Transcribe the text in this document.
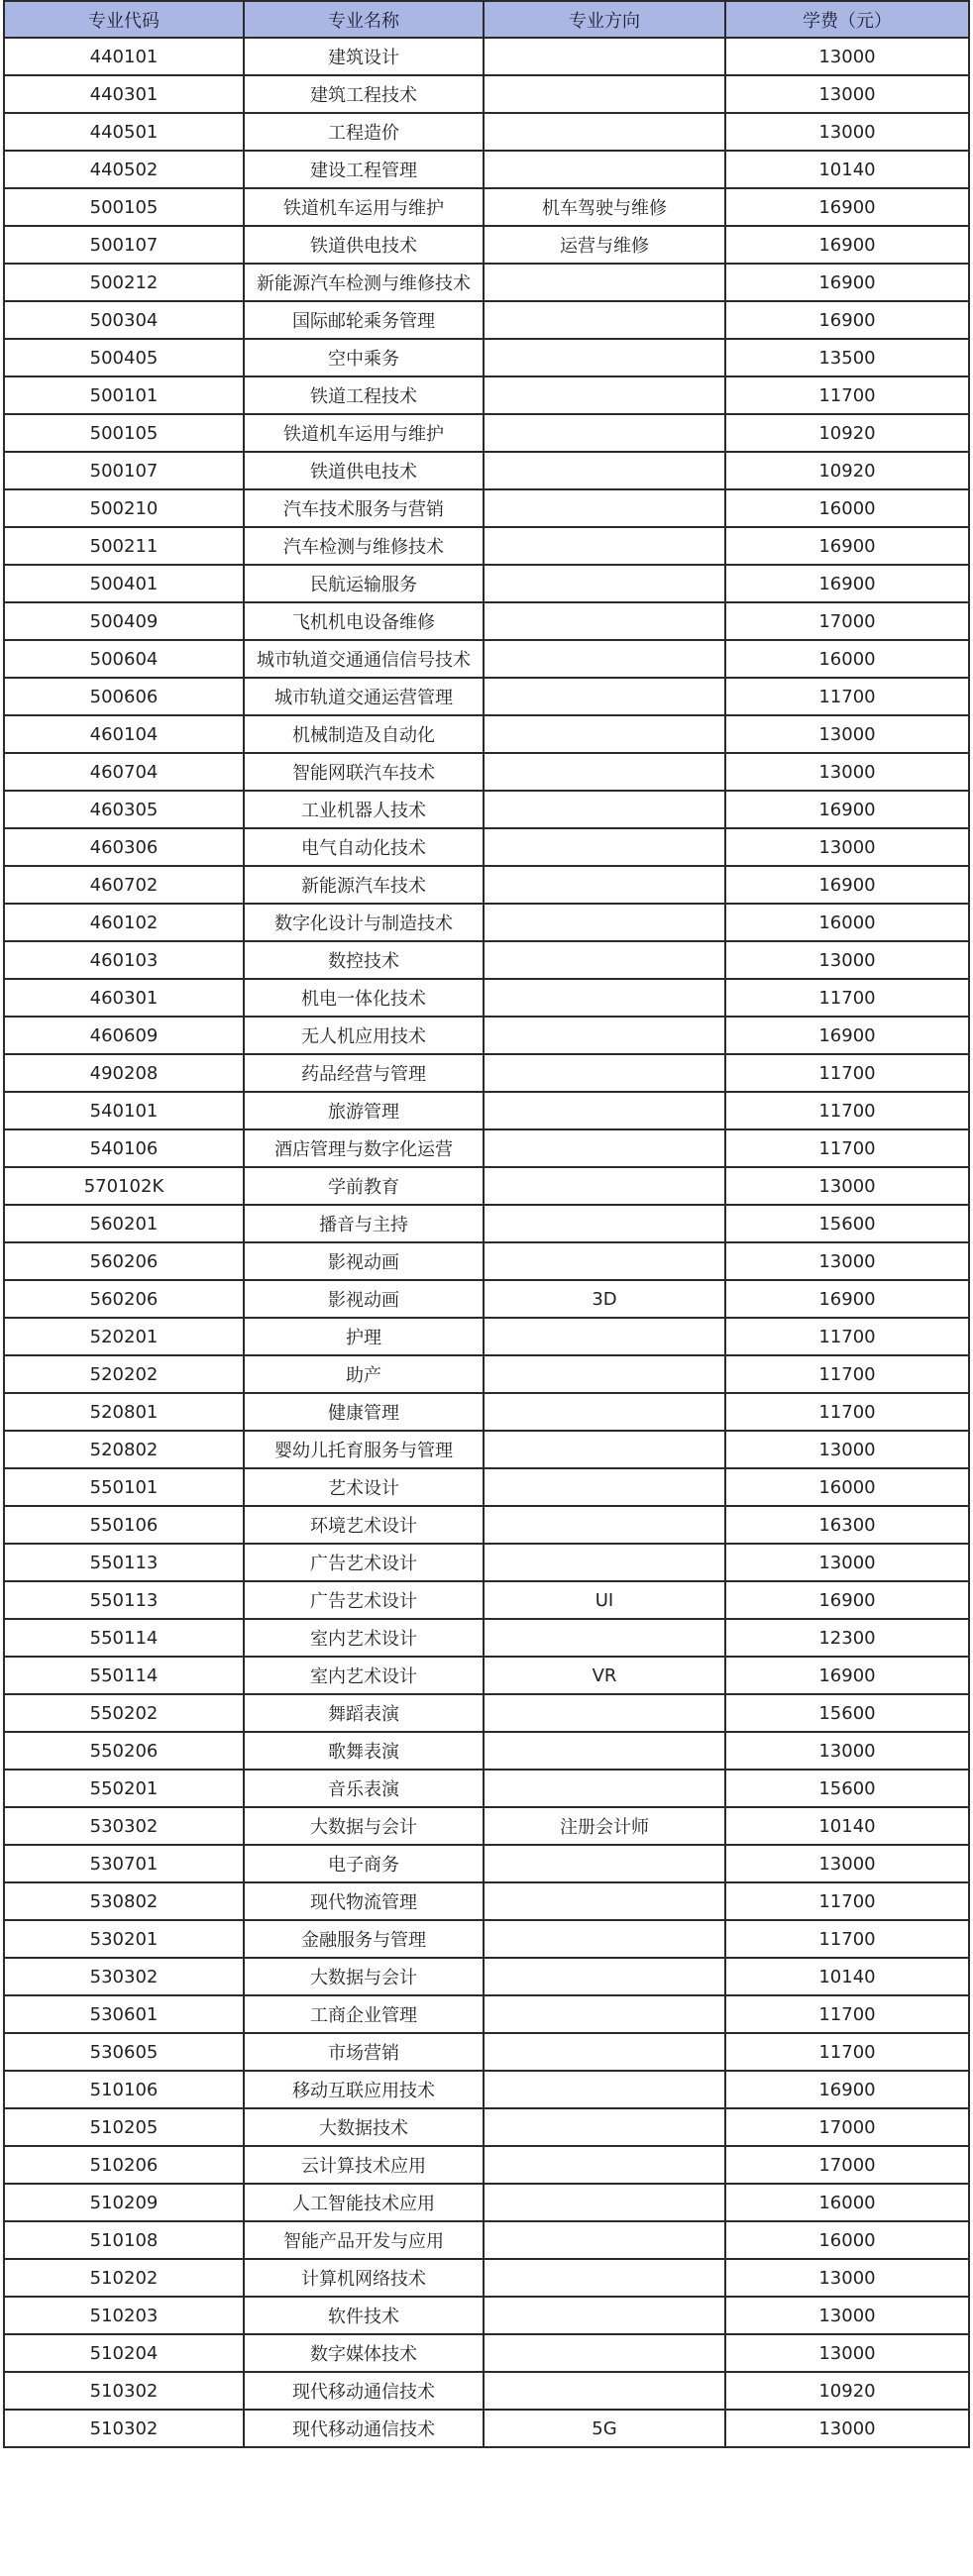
专业代码	专业名称	专业方向	学费（元）
440101	建筑设计		13000
440301	建筑工程技术		13000
440501	工程造价		13000
440502	建设工程管理		10140
500105	铁道机车运用与维护	机车驾驶与维修	16900
500107	铁道供电技术	运营与维修	16900
500212	新能源汽车检测与维修技术		16900
500304	国际邮轮乘务管理		16900
500405	空中乘务		13500
500101	铁道工程技术		11700
500105	铁道机车运用与维护		10920
500107	铁道供电技术		10920
500210	汽车技术服务与营销		16000
500211	汽车检测与维修技术		16900
500401	民航运输服务		16900
500409	飞机机电设备维修		17000
500604	城市轨道交通通信信号技术		16000
500606	城市轨道交通运营管理		11700
460104	机械制造及自动化		13000
460704	智能网联汽车技术		13000
460305	工业机器人技术		16900
460306	电气自动化技术		13000
460702	新能源汽车技术		16900
460102	数字化设计与制造技术		16000
460103	数控技术		13000
460301	机电一体化技术		11700
460609	无人机应用技术		16900
490208	药品经营与管理		11700
540101	旅游管理		11700
540106	酒店管理与数字化运营		11700
570102K	学前教育		13000
560201	播音与主持		15600
560206	影视动画		13000
560206	影视动画	3D	16900
520201	护理		11700
520202	助产		11700
520801	健康管理		11700
520802	婴幼儿托育服务与管理		13000
550101	艺术设计		16000
550106	环境艺术设计		16300
550113	广告艺术设计		13000
550113	广告艺术设计	UI	16900
550114	室内艺术设计		12300
550114	室内艺术设计	VR	16900
550202	舞蹈表演		15600
550206	歌舞表演		13000
550201	音乐表演		15600
530302	大数据与会计	注册会计师	10140
530701	电子商务		13000
530802	现代物流管理		11700
530201	金融服务与管理		11700
530302	大数据与会计		10140
530601	工商企业管理		11700
530605	市场营销		11700
510106	移动互联应用技术		16900
510205	大数据技术		17000
510206	云计算技术应用		17000
510209	人工智能技术应用		16000
510108	智能产品开发与应用		16000
510202	计算机网络技术		13000
510203	软件技术		13000
510204	数字媒体技术		13000
510302	现代移动通信技术		10920
510302	现代移动通信技术	5G	13000
